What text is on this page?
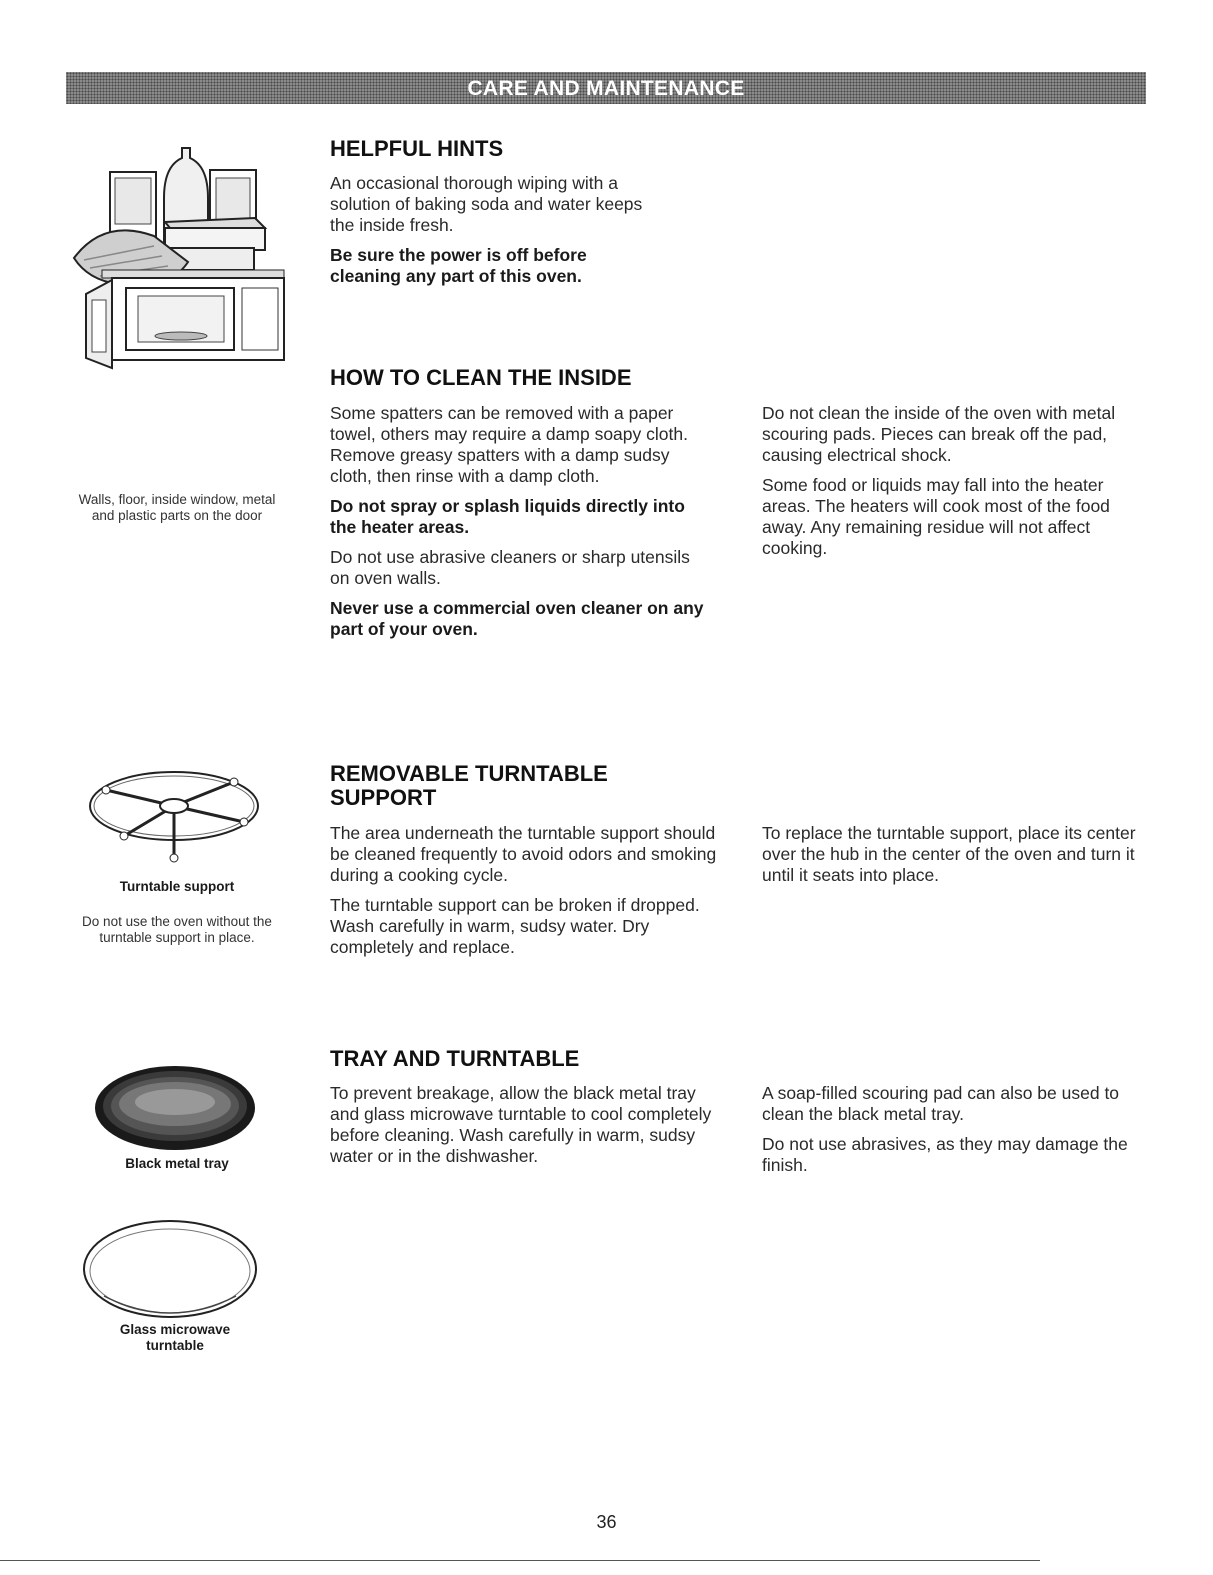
CARE AND MAINTENANCE
HELPFUL HINTS

An occasional thorough wiping with a solution of baking soda and water keeps the inside fresh.

Be sure the power is off before cleaning any part of this oven.

Walls, floor, inside window, metal and plastic parts on the door
HOW TO CLEAN THE INSIDE

Some spatters can be removed with a paper towel, others may require a damp soapy cloth. Remove greasy spatters with a damp sudsy cloth, then rinse with a damp cloth.

Do not spray or splash liquids directly into the heater areas.

Do not use abrasive cleaners or sharp utensils on oven walls.

Never use a commercial oven cleaner on any part of your oven.

Do not clean the inside of the oven with metal scouring pads. Pieces can break off the pad, causing electrical shock.

Some food or liquids may fall into the heater areas. The heaters will cook most of the food away. Any remaining residue will not affect cooking.

Turntable support
Do not use the oven without the turntable support in place.
REMOVABLE TURNTABLE
SUPPORT

The area underneath the turntable support should be cleaned frequently to avoid odors and smoking during a cooking cycle.

The turntable support can be broken if dropped. Wash carefully in warm, sudsy water. Dry completely and replace.

To replace the turntable support, place its center over the hub in the center of the oven and turn it until it seats into place.

Black metal tray
Glass microwave turntable
TRAY AND TURNTABLE

To prevent breakage, allow the black metal tray and glass microwave turntable to cool completely before cleaning. Wash carefully in warm, sudsy water or in the dishwasher.

A soap-filled scouring pad can also be used to clean the black metal tray.

Do not use abrasives, as they may damage the finish.

36
